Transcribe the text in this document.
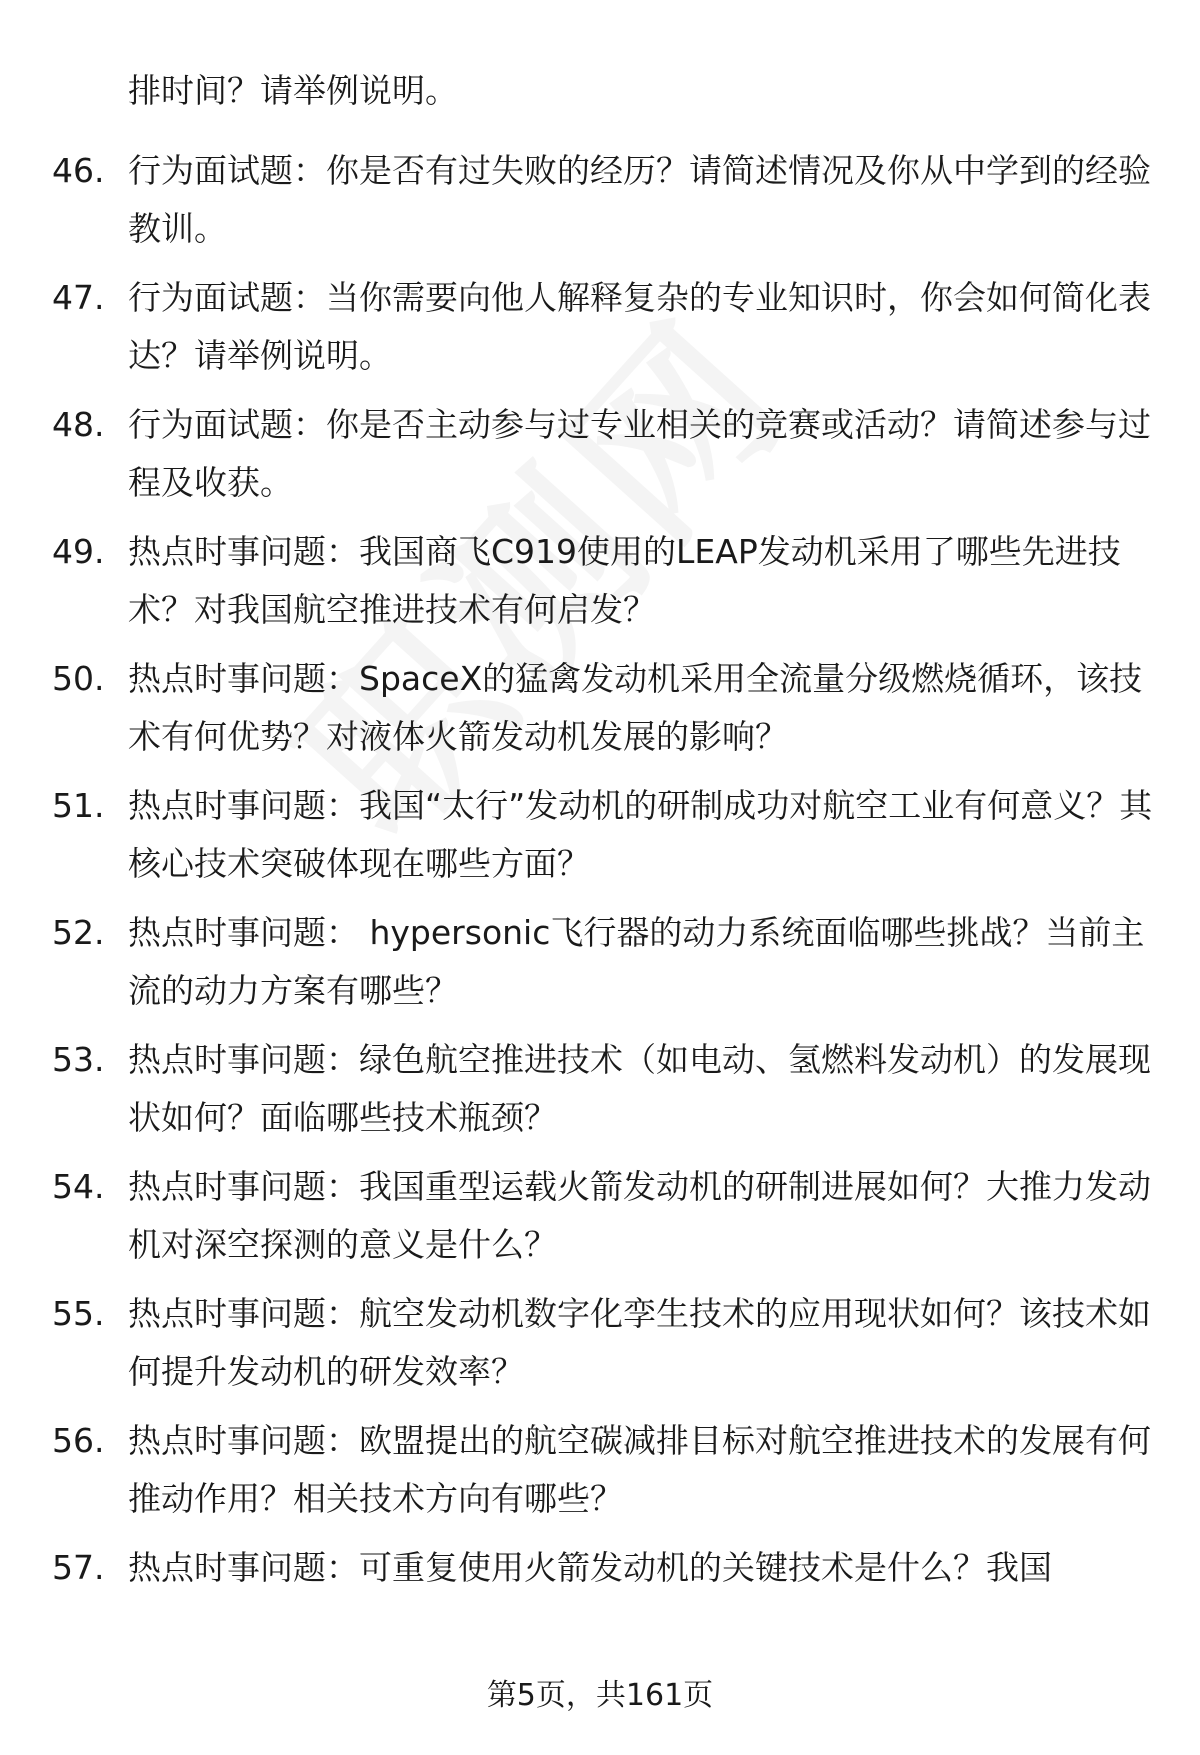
排时间？请举例说明。

46. 行为面试题：你是否有过失败的经历？请简述情况及你从中学到的经验教训。
47. 行为面试题：当你需要向他人解释复杂的专业知识时，你会如何简化表达？请举例说明。
48. 行为面试题：你是否主动参与过专业相关的竞赛或活动？请简述参与过程及收获。
49. 热点时事问题：我国商飞C919使用的LEAP发动机采用了哪些先进技术？对我国航空推进技术有何启发？
50. 热点时事问题：SpaceX的猛禽发动机采用全流量分级燃烧循环，该技术有何优势？对液体火箭发动机发展的影响？
51. 热点时事问题：我国“太行”发动机的研制成功对航空工业有何意义？其核心技术突破体现在哪些方面？
52. 热点时事问题： hypersonic飞行器的动力系统面临哪些挑战？当前主流的动力方案有哪些？
53. 热点时事问题：绿色航空推进技术（如电动、氢燃料发动机）的发展现状如何？面临哪些技术瓶颈？
54. 热点时事问题：我国重型运载火箭发动机的研制进展如何？大推力发动机对深空探测的意义是什么？
55. 热点时事问题：航空发动机数字化孪生技术的应用现状如何？该技术如何提升发动机的研发效率？
56. 热点时事问题：欧盟提出的航空碳减排目标对航空推进技术的发展有何推动作用？相关技术方向有哪些？
57. 热点时事问题：可重复使用火箭发动机的关键技术是什么？我国
第5页，共161页
